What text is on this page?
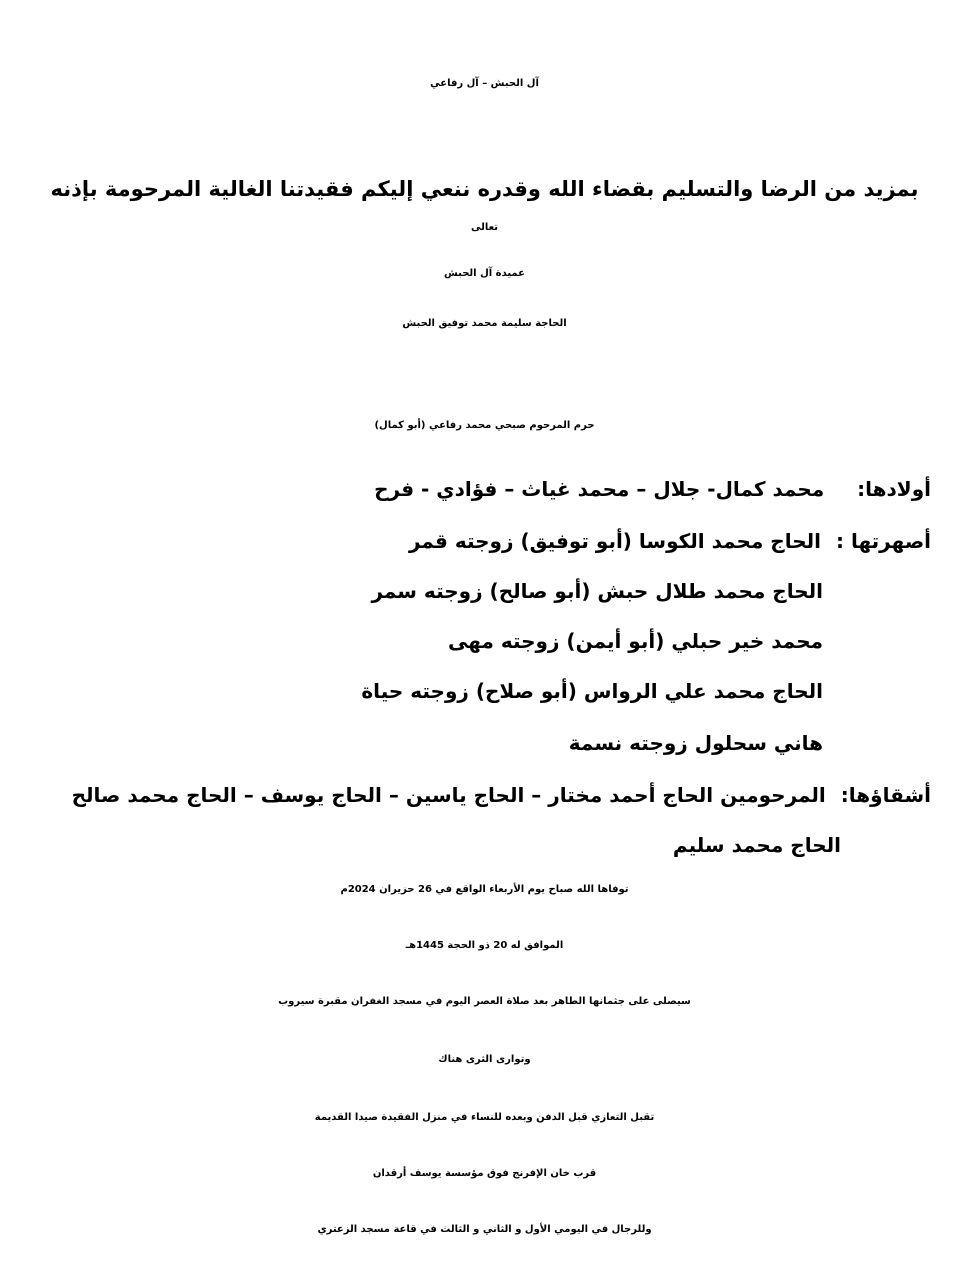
آل الحبش – آل رفاعي
بمزيد من الرضا والتسليم بقضاء الله وقدره ننعي إليكم فقيدتنا الغالية المرحومة بإذنه
تعالى
عميدة آل الحبش
الحاجة سليمة محمد توفيق الحبش
حرم المرحوم صبحي محمد رفاعي (أبو كمال)
أولادها: محمد كمال- جلال – محمد غياث – فؤادي - فرح
أصهرتها : الحاج محمد الكوسا (أبو توفيق) زوجته قمر
الحاج محمد طلال حبش (أبو صالح) زوجته سمر
محمد خير حبلي (أبو أيمن) زوجته مهى
الحاج محمد علي الرواس (أبو صلاح) زوجته حياة
هاني سحلول زوجته نسمة
أشقاؤها: المرحومين الحاج أحمد مختار – الحاج ياسين – الحاج يوسف – الحاج محمد صالح
الحاج محمد سليم
توفاها الله صباح يوم الأربعاء الواقع في 26 حزيران 2024م
الموافق له 20 ذو الحجة 1445هـ
سيصلى على جثمانها الطاهر بعد صلاة العصر اليوم في مسجد الغفران مقبرة سيروب
وتوارى الثرى هناك
تقبل التعازي قبل الدفن وبعده للنساء في منزل الفقيدة صيدا القديمة
قرب خان الإفرنج فوق مؤسسة يوسف أرقدان
وللرجال في اليومي الأول و الثاني و الثالث في قاعة مسجد الزعتري
